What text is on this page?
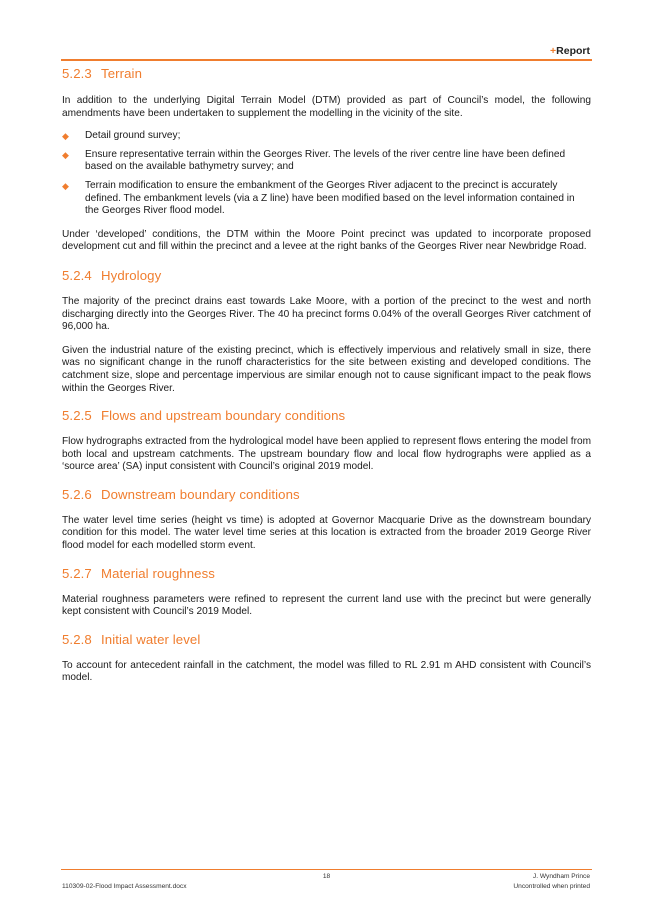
+Report
5.2.3 Terrain

In addition to the underlying Digital Terrain Model (DTM) provided as part of Council’s model, the following amendments have been undertaken to supplement the modelling in the vicinity of the site.

◆ Detail ground survey;
◆ Ensure representative terrain within the Georges River. The levels of the river centre line have been defined based on the available bathymetry survey; and
◆ Terrain modification to ensure the embankment of the Georges River adjacent to the precinct is accurately defined. The embankment levels (via a Z line) have been modified based on the level information contained in the Georges River flood model.

Under ‘developed’ conditions, the DTM within the Moore Point precinct was updated to incorporate proposed development cut and fill within the precinct and a levee at the right banks of the Georges River near Newbridge Road.

5.2.4 Hydrology

The majority of the precinct drains east towards Lake Moore, with a portion of the precinct to the west and north discharging directly into the Georges River. The 40 ha precinct forms 0.04% of the overall Georges River catchment of 96,000 ha.

Given the industrial nature of the existing precinct, which is effectively impervious and relatively small in size, there was no significant change in the runoff characteristics for the site between existing and developed conditions. The catchment size, slope and percentage impervious are similar enough not to cause significant impact to the peak flows within the Georges River.

5.2.5 Flows and upstream boundary conditions

Flow hydrographs extracted from the hydrological model have been applied to represent flows entering the model from both local and upstream catchments. The upstream boundary flow and local flow hydrographs were applied as a ‘source area’ (SA) input consistent with Council’s original 2019 model.

5.2.6 Downstream boundary conditions

The water level time series (height vs time) is adopted at Governor Macquarie Drive as the downstream boundary condition for this model. The water level time series at this location is extracted from the broader 2019 George River flood model for each modelled storm event.

5.2.7 Material roughness

Material roughness parameters were refined to represent the current land use with the precinct but were generally kept consistent with Council’s 2019 Model.

5.2.8 Initial water level

To account for antecedent rainfall in the catchment, the model was filled to RL 2.91 m AHD consistent with Council’s model.

18	J. Wyndham Prince
110309-02-Flood Impact Assessment.docx	Uncontrolled when printed
